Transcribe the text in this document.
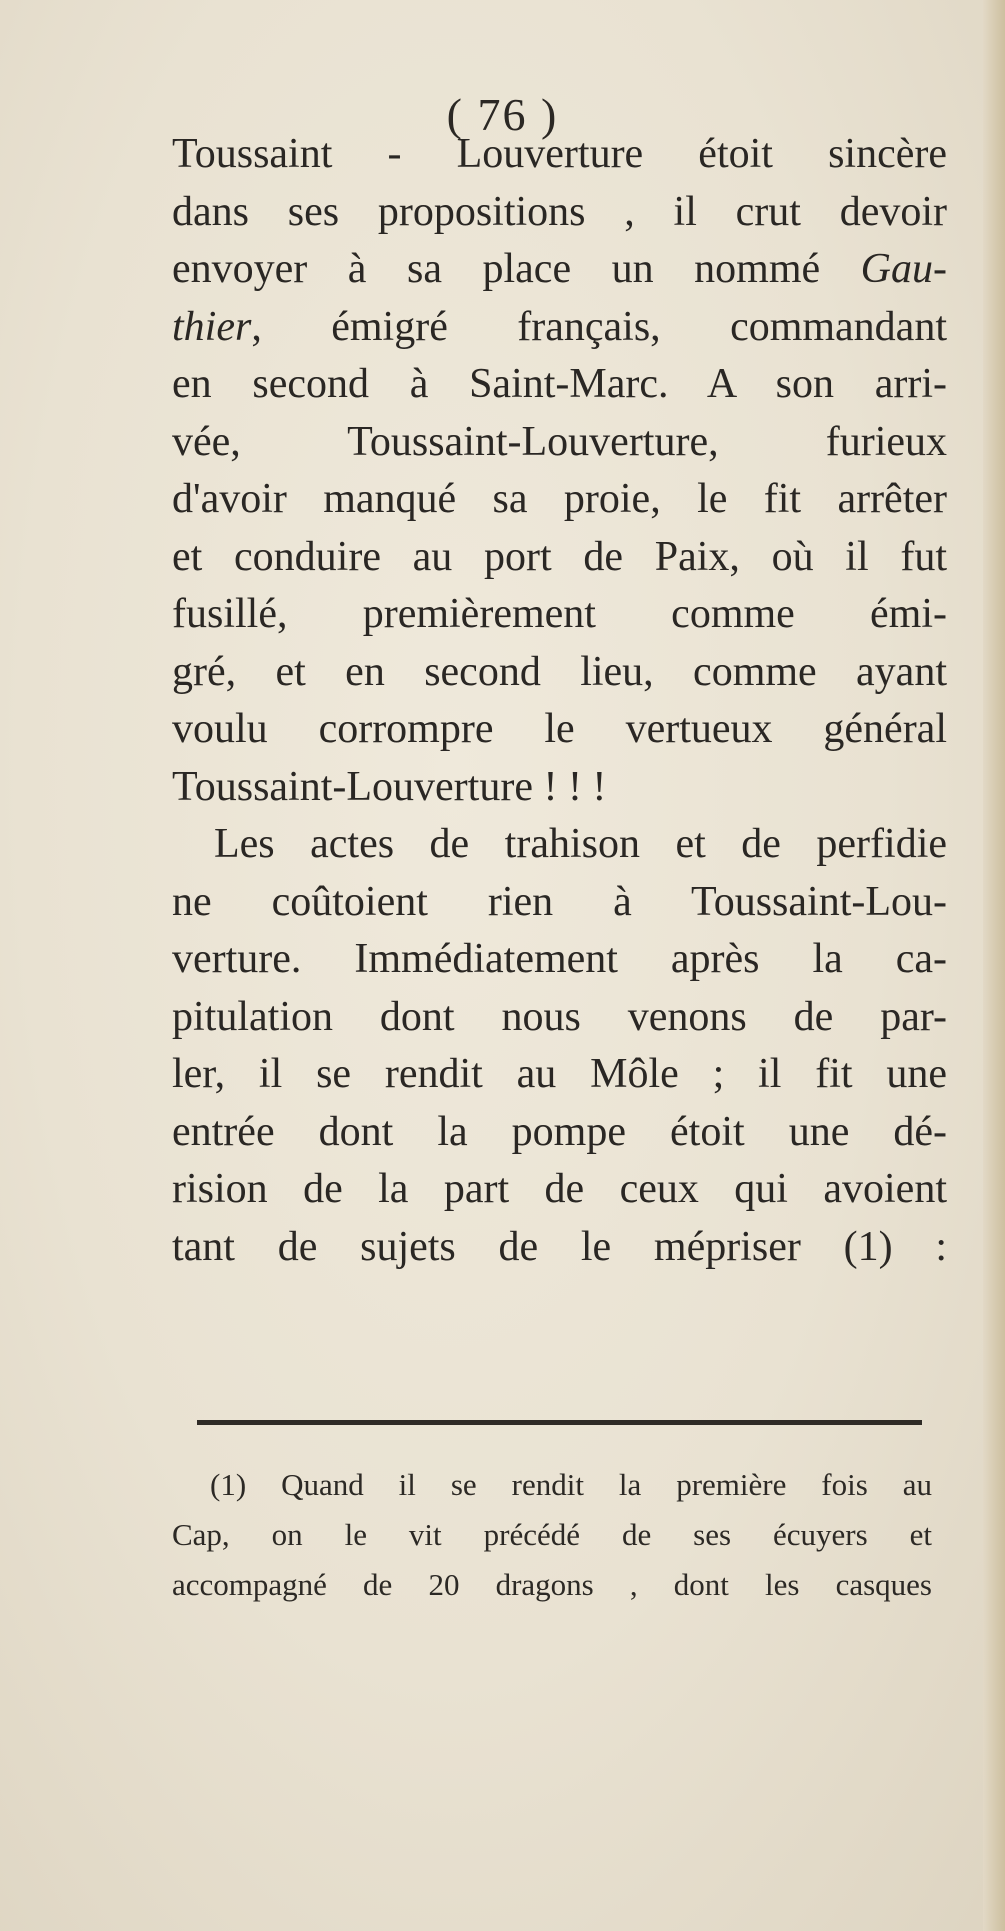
( 76 )
Toussaint - Louverture étoit sincère
dans ses propositions , il crut devoir
envoyer à sa place un nommé Gau-
thier, émigré français, commandant
en second à Saint-Marc. A son arri-
vée, Toussaint-Louverture, furieux
d'avoir manqué sa proie, le fit arrêter
et conduire au port de Paix, où il fut
fusillé, premièrement comme émi-
gré, et en second lieu, comme ayant
voulu corrompre le vertueux général
Toussaint-Louverture ! ! !
Les actes de trahison et de perfidie
ne coûtoient rien à Toussaint-Lou-
verture. Immédiatement après la ca-
pitulation dont nous venons de par-
ler, il se rendit au Môle ; il fit une
entrée dont la pompe étoit une dé-
rision de la part de ceux qui avoient
tant de sujets de le mépriser (1) :
(1) Quand il se rendit la première fois au
Cap, on le vit précédé de ses écuyers et
accompagné de 20 dragons , dont les casques
